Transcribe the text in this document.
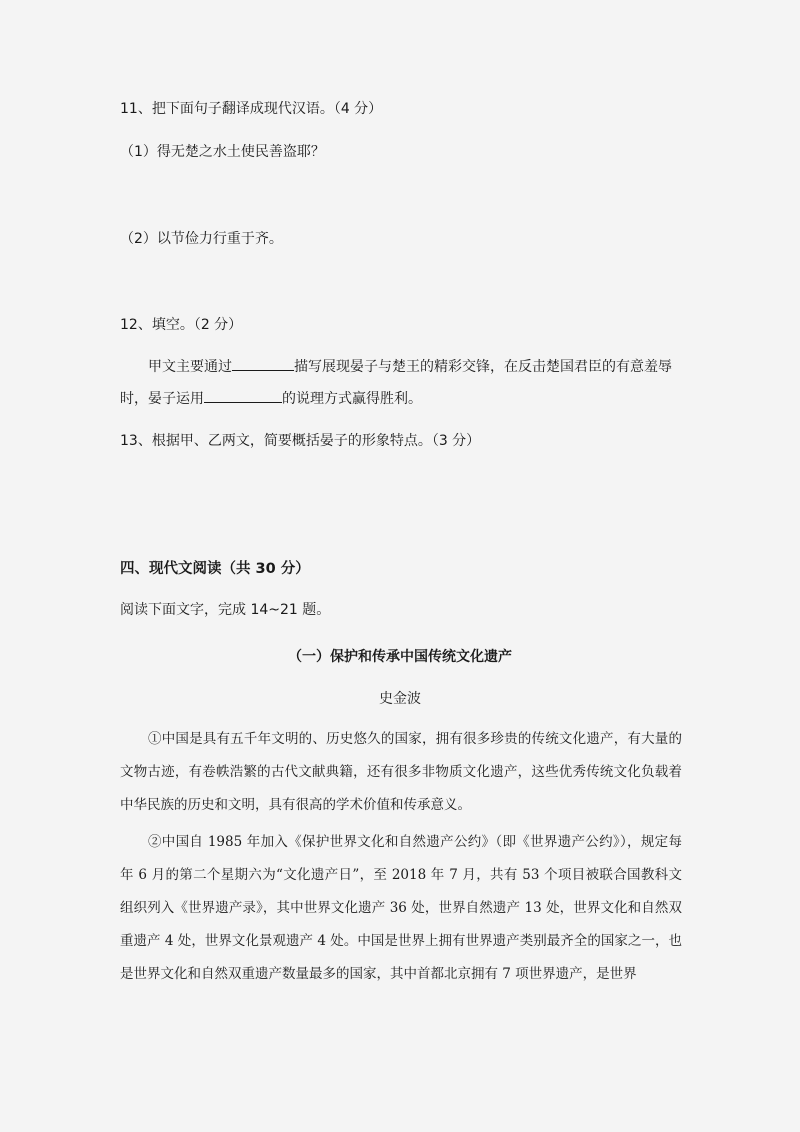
11、把下面句子翻译成现代汉语。（4 分）
（1）得无楚之水土使民善盗耶？
（2）以节俭力行重于齐。
12、填空。（2 分）
甲文主要通过	描写展现晏子与楚王的精彩交锋，在反击楚国君臣的有意羞辱
时，晏子运用	的说理方式赢得胜利。
13、根据甲、乙两文，简要概括晏子的形象特点。（3 分）
四、现代文阅读（共 30 分）
阅读下面文字，完成 14~21 题。
（一）保护和传承中国传统文化遗产
史金波

①中国是具有五千年文明的、历史悠久的国家，拥有很多珍贵的传统文化遗产，有大量的文物古迹，有卷帙浩繁的古代文献典籍，还有很多非物质文化遗产，这些优秀传统文化负载着中华民族的历史和文明，具有很高的学术价值和传承意义。

②中国自 1985 年加入《保护世界文化和自然遗产公约》（即《世界遗产公约》），规定每年 6 月的第二个星期六为“文化遗产日”，至 2018 年 7 月，共有 53 个项目被联合国教科文组织列入《世界遗产录》，其中世界文化遗产 36 处，世界自然遗产 13 处，世界文化和自然双重遗产 4 处，世界文化景观遗产 4 处。中国是世界上拥有世界遗产类别最齐全的国家之一，也是世界文化和自然双重遗产数量最多的国家，其中首都北京拥有 7 项世界遗产，是世界
